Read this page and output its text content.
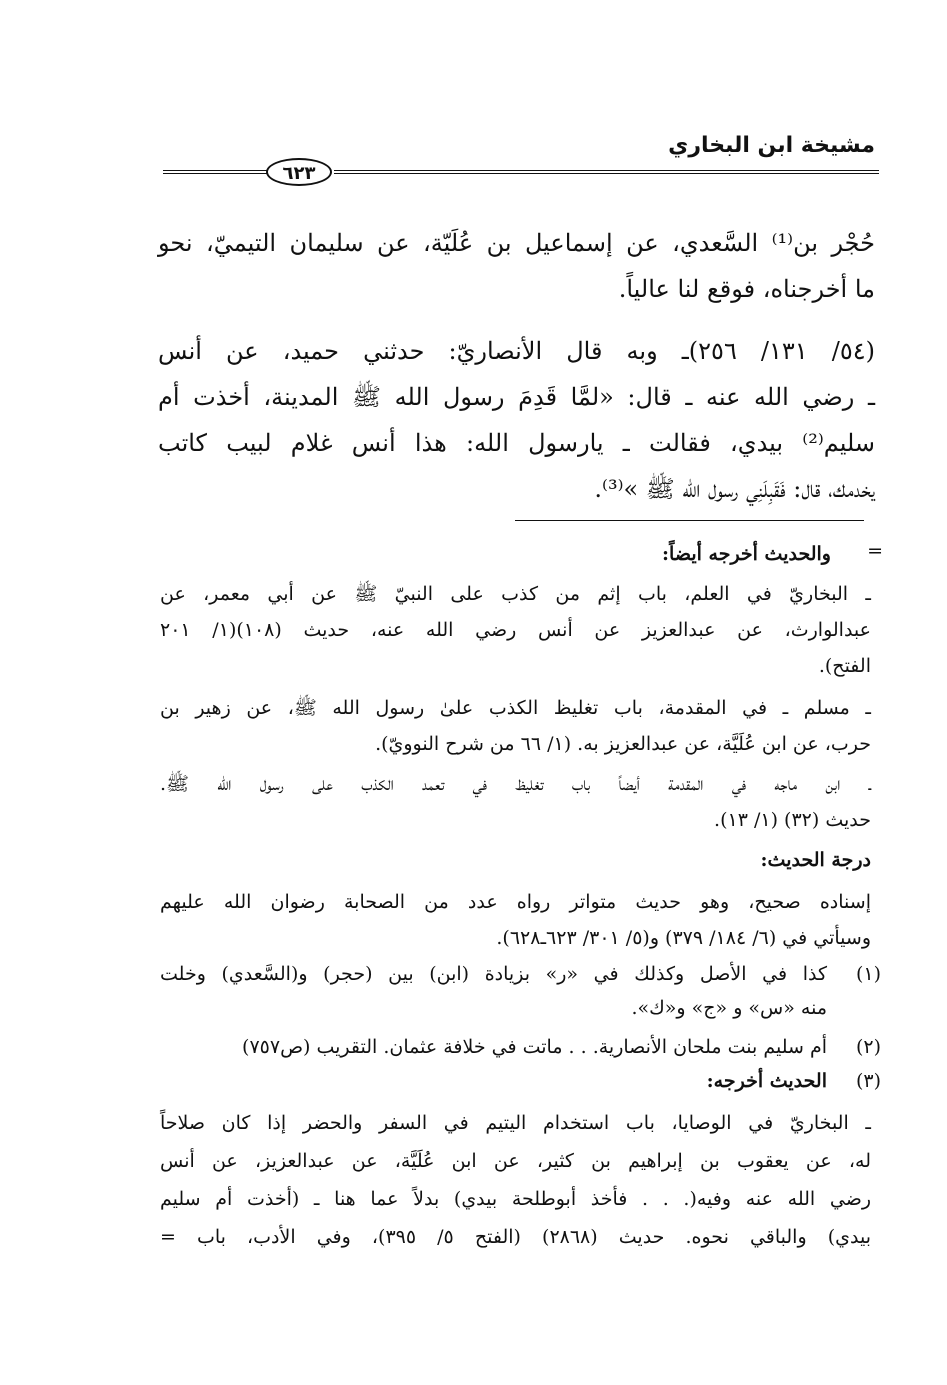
مشيخة ابن البخاري
٦٢٣

حُجْر بن⁽¹⁾ السَّعدي، عن إسماعيل بن عُلَيّة، عن سليمان التيميّ، نحو
ما أخرجناه، فوقع لنا عالياً.

(٥٤/ ١٣١/ ٢٥٦)ـ وبه قال الأنصاريّ: حدثني حميد، عن أنس
ـ رضي الله عنه ـ قال: «لمَّا قَدِمَ رسول الله ﷺ المدينة، أخذت أم
سليم⁽²⁾ بيدي، فقالت ـ يارسول الله: هذا أنس غلام لبيب كاتب
يخدمك، قال: فَقَبِلَنِي رسول الله ﷺ »⁽³⁾.

=

والحديث أخرجه أيضاً:

ـ البخاريّ في العلم، باب إثم من كذب على النبيّ ﷺ عن أبي معمر، عن
عبدالوارث، عن عبدالعزيز عن أنس رضي الله عنه، حديث (١٠٨)(١/ ٢٠١
الفتح).

ـ مسلم ـ في المقدمة، باب تغليظ الكذب علىٰ رسول الله ﷺ، عن زهير بن
حرب، عن ابن عُلَيَّة، عن عبدالعزيز به. (١/ ٦٦ من شرح النوويّ).

ـ ابن ماجه في المقدمة أيضاً باب تغليظ في تعمد الكذب على رسول الله ﷺ.
حديث (٣٢) (١/ ١٣).

درجة الحديث:

إسناده صحيح، وهو حديث متواتر رواه عدد من الصحابة رضوان الله عليهم
وسيأتي في (٦/ ١٨٤/ ٣٧٩) و(٥/ ٣٠١/ ٦٢٣ـ٦٢٨).

(١)

كذا في الأصل وكذلك في «ر» بزيادة (ابن) بين (حجر) و(السَّعدي) وخلت
منه «س» و «ج» و«ك».

(٢)

أم سليم بنت ملحان الأنصارية. . . ماتت في خلافة عثمان. التقريب (ص٧٥٧)

(٣)

الحديث أخرجه:

ـ البخاريّ في الوصايا، باب استخدام اليتيم في السفر والحضر إذا كان صلاحاً
له، عن يعقوب بن إبراهيم بن كثير، عن ابن عُلَيَّة، عن عبدالعزيز، عن أنس
رضي الله عنه وفيه(. . . فأخذ أبوطلحة بيدي) بدلاً عما هنا ـ (أخذت أم سليم
بيدي) والباقي نحوه. حديث (٢٨٦٨) (الفتح ٥/ ٣٩٥)، وفي الأدب، باب =
